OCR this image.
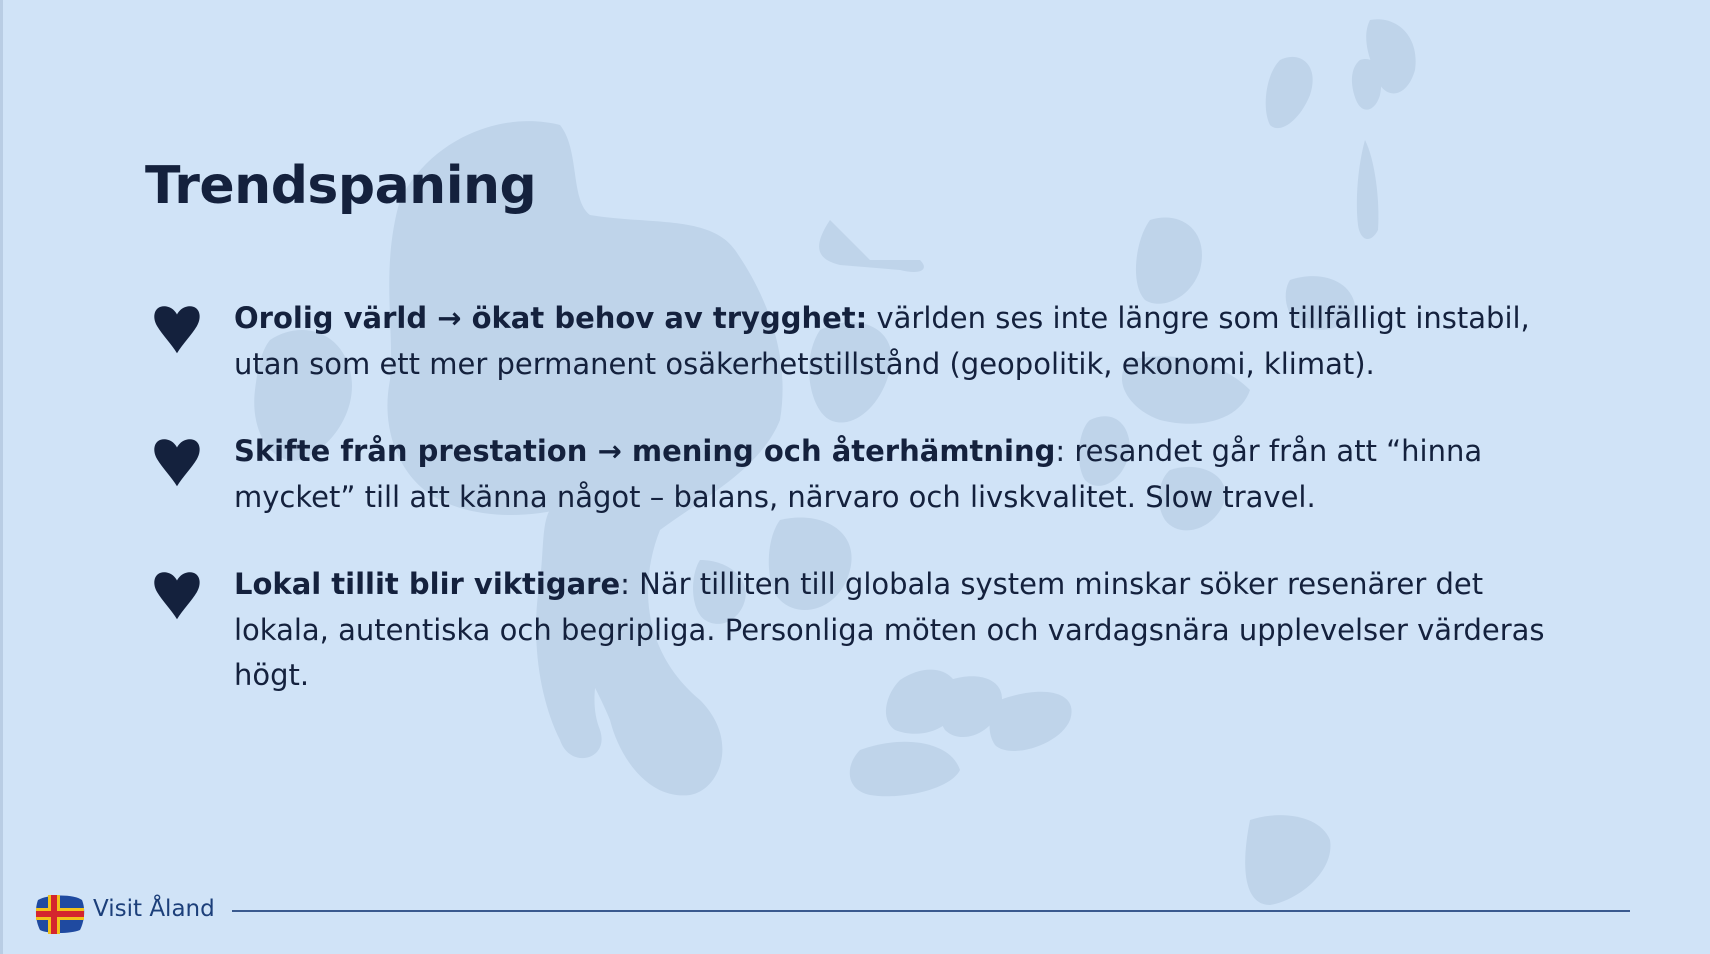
Trendspaning
Orolig värld → ökat behov av trygghet: världen ses inte längre som tillfälligt instabil, utan som ett mer permanent osäkerhetstillstånd (geopolitik, ekonomi, klimat).
Skifte från prestation → mening och återhämtning: resandet går från att “hinna mycket” till att känna något – balans, närvaro och livskvalitet. Slow travel.
Lokal tillit blir viktigare: När tilliten till globala system minskar söker resenärer det lokala, autentiska och begripliga. Personliga möten och vardagsnära upplevelser värderas högt.
Visit Åland
